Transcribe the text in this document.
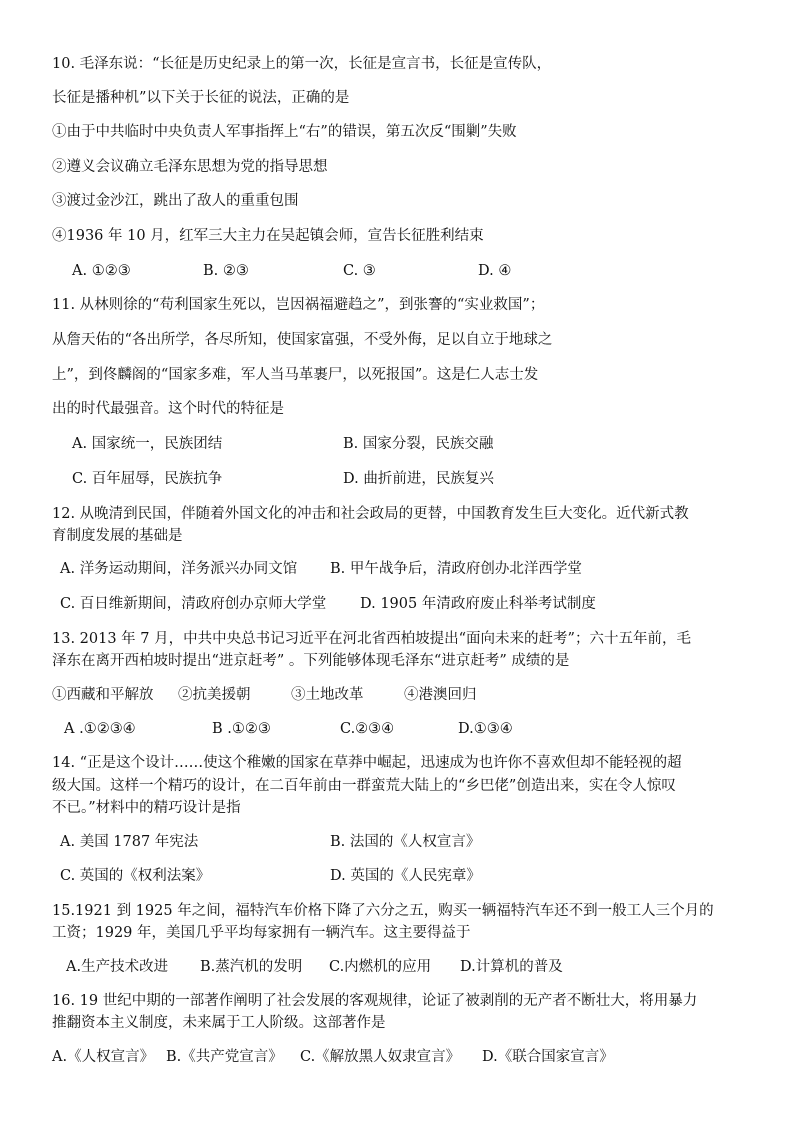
10. 毛泽东说：“长征是历史纪录上的第一次，长征是宣言书，长征是宣传队，
长征是播种机”以下关于长征的说法，正确的是
①由于中共临时中央负责人军事指挥上“右”的错误，第五次反“围剿”失败
②遵义会议确立毛泽东思想为党的指导思想
③渡过金沙江，跳出了敌人的重重包围
④1936 年 10 月，红军三大主力在吴起镇会师，宣告长征胜利结束
A. ①②③	B. ②③	C. ③	D. ④
11. 从林则徐的“苟利国家生死以，岂因祸福避趋之”，到张謇的“实业救国”；
从詹天佑的“各出所学，各尽所知，使国家富强，不受外侮，足以自立于地球之
上”，到佟麟阁的“国家多难，军人当马革裹尸，以死报国”。这是仁人志士发
出的时代最强音。这个时代的特征是
A. 国家统一，民族团结	B. 国家分裂，民族交融
C. 百年屈辱，民族抗争	D. 曲折前进，民族复兴
12. 从晚清到民国，伴随着外国文化的冲击和社会政局的更替，中国教育发生巨大变化。近代新式教
育制度发展的基础是
A. 洋务运动期间，洋务派兴办同文馆 B. 甲午战争后，清政府创办北洋西学堂
C. 百日维新期间，清政府创办京师大学堂 D. 1905 年清政府废止科举考试制度
13. 2013 年 7 月，中共中央总书记习近平在河北省西柏坡提出“面向未来的赶考”；六十五年前，毛
泽东在离开西柏坡时提出“进京赶考” 。下列能够体现毛泽东“进京赶考” 成绩的是
①西藏和平解放 ②抗美援朝	③土地改革	④港澳回归
A .①②③④	B .①②③	C.②③④	D.①③④
14. “正是这个设计……使这个稚嫩的国家在草莽中崛起，迅速成为也许你不喜欢但却不能轻视的超
级大国。这样一个精巧的设计，在二百年前由一群蛮荒大陆上的“乡巴佬”创造出来，实在令人惊叹
不已。”材料中的精巧设计是指
A. 美国 1787 年宪法	B. 法国的《人权宣言》
C. 英国的《权利法案》	D. 英国的《人民宪章》
15.1921 到 1925 年之间，福特汽车价格下降了六分之五，购买一辆福特汽车还不到一般工人三个月的
工资；1929 年，美国几乎平均每家拥有一辆汽车。这主要得益于
A.生产技术改进 B.蒸汽机的发明 C.内燃机的应用 D.计算机的普及
16. 19 世纪中期的一部著作阐明了社会发展的客观规律，论证了被剥削的无产者不断壮大，将用暴力
推翻资本主义制度，未来属于工人阶级。这部著作是
A.《人权宣言》 B.《共产党宣言》 C.《解放黑人奴隶宣言》 D.《联合国家宣言》
